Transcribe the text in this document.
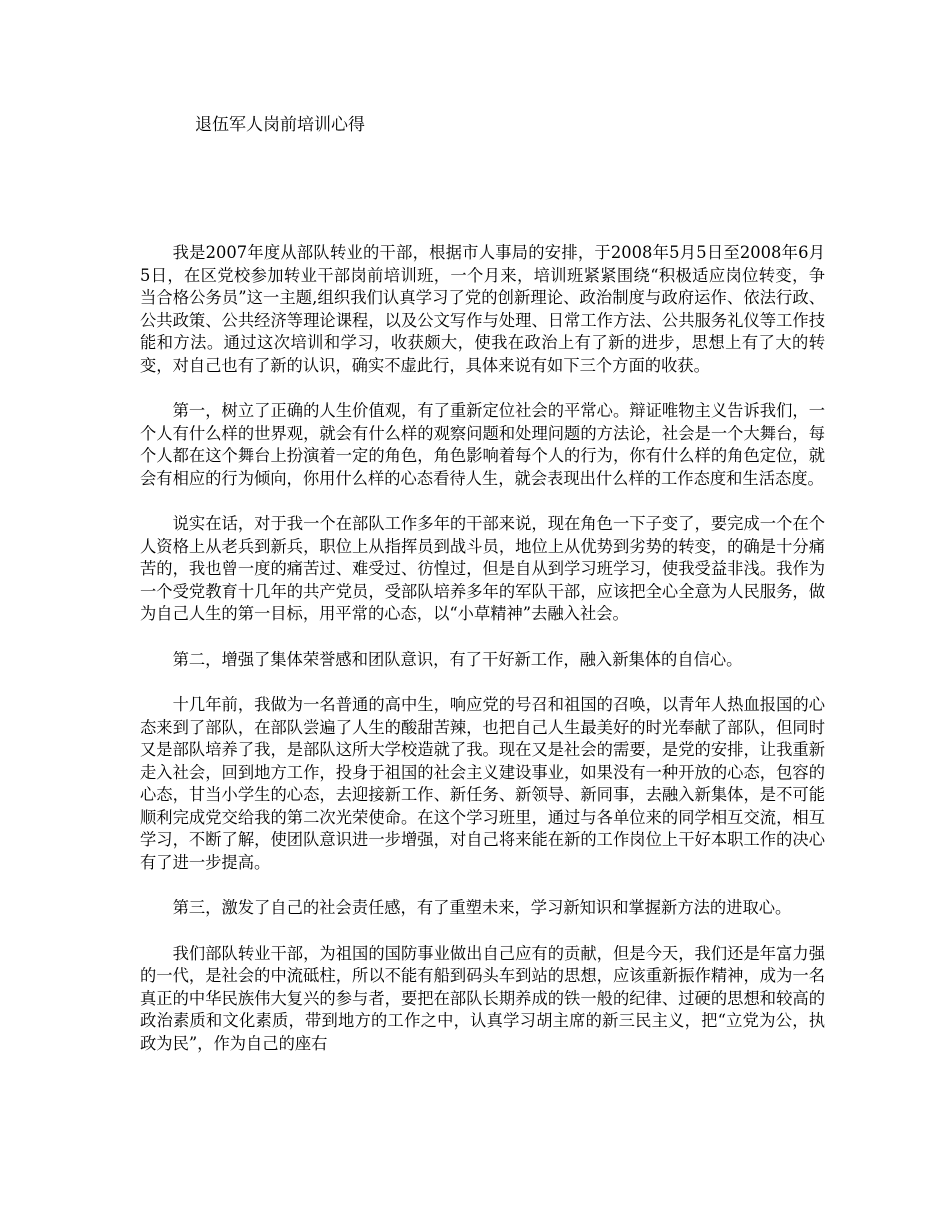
退伍军人岗前培训心得

我是2007年度从部队转业的干部，根据市人事局的安排，于2008年5月5日至2008年6月5日，在区党校参加转业干部岗前培训班，一个月来，培训班紧紧围绕“积极适应岗位转变，争当合格公务员”这一主题,组织我们认真学习了党的创新理论、政治制度与政府运作、依法行政、公共政策、公共经济等理论课程，以及公文写作与处理、日常工作方法、公共服务礼仪等工作技能和方法。通过这次培训和学习，收获颇大，使我在政治上有了新的进步，思想上有了大的转变，对自己也有了新的认识，确实不虚此行，具体来说有如下三个方面的收获。

第一，树立了正确的人生价值观，有了重新定位社会的平常心。辩证唯物主义告诉我们，一个人有什么样的世界观，就会有什么样的观察问题和处理问题的方法论，社会是一个大舞台，每个人都在这个舞台上扮演着一定的角色，角色影响着每个人的行为，你有什么样的角色定位，就会有相应的行为倾向，你用什么样的心态看待人生，就会表现出什么样的工作态度和生活态度。

说实在话，对于我一个在部队工作多年的干部来说，现在角色一下子变了，要完成一个在个人资格上从老兵到新兵，职位上从指挥员到战斗员，地位上从优势到劣势的转变，的确是十分痛苦的，我也曾一度的痛苦过、难受过、彷惶过，但是自从到学习班学习，使我受益非浅。我作为一个受党教育十几年的共产党员，受部队培养多年的军队干部，应该把全心全意为人民服务，做为自己人生的第一目标，用平常的心态，以“小草精神”去融入社会。

第二，增强了集体荣誉感和团队意识，有了干好新工作，融入新集体的自信心。

十几年前，我做为一名普通的高中生，响应党的号召和祖国的召唤，以青年人热血报国的心态来到了部队，在部队尝遍了人生的酸甜苦辣，也把自己人生最美好的时光奉献了部队，但同时又是部队培养了我，是部队这所大学校造就了我。现在又是社会的需要，是党的安排，让我重新走入社会，回到地方工作，投身于祖国的社会主义建设事业，如果没有一种开放的心态，包容的心态，甘当小学生的心态，去迎接新工作、新任务、新领导、新同事，去融入新集体，是不可能顺利完成党交给我的第二次光荣使命。在这个学习班里，通过与各单位来的同学相互交流，相互学习，不断了解，使团队意识进一步增强，对自己将来能在新的工作岗位上干好本职工作的决心有了进一步提高。

第三，激发了自己的社会责任感，有了重塑未来，学习新知识和掌握新方法的进取心。

我们部队转业干部，为祖国的国防事业做出自己应有的贡献，但是今天，我们还是年富力强的一代，是社会的中流砥柱，所以不能有船到码头车到站的思想，应该重新振作精神，成为一名真正的中华民族伟大复兴的参与者，要把在部队长期养成的铁一般的纪律、过硬的思想和较高的政治素质和文化素质，带到地方的工作之中，认真学习胡主席的新三民主义，把“立党为公，执政为民”，作为自己的座右
